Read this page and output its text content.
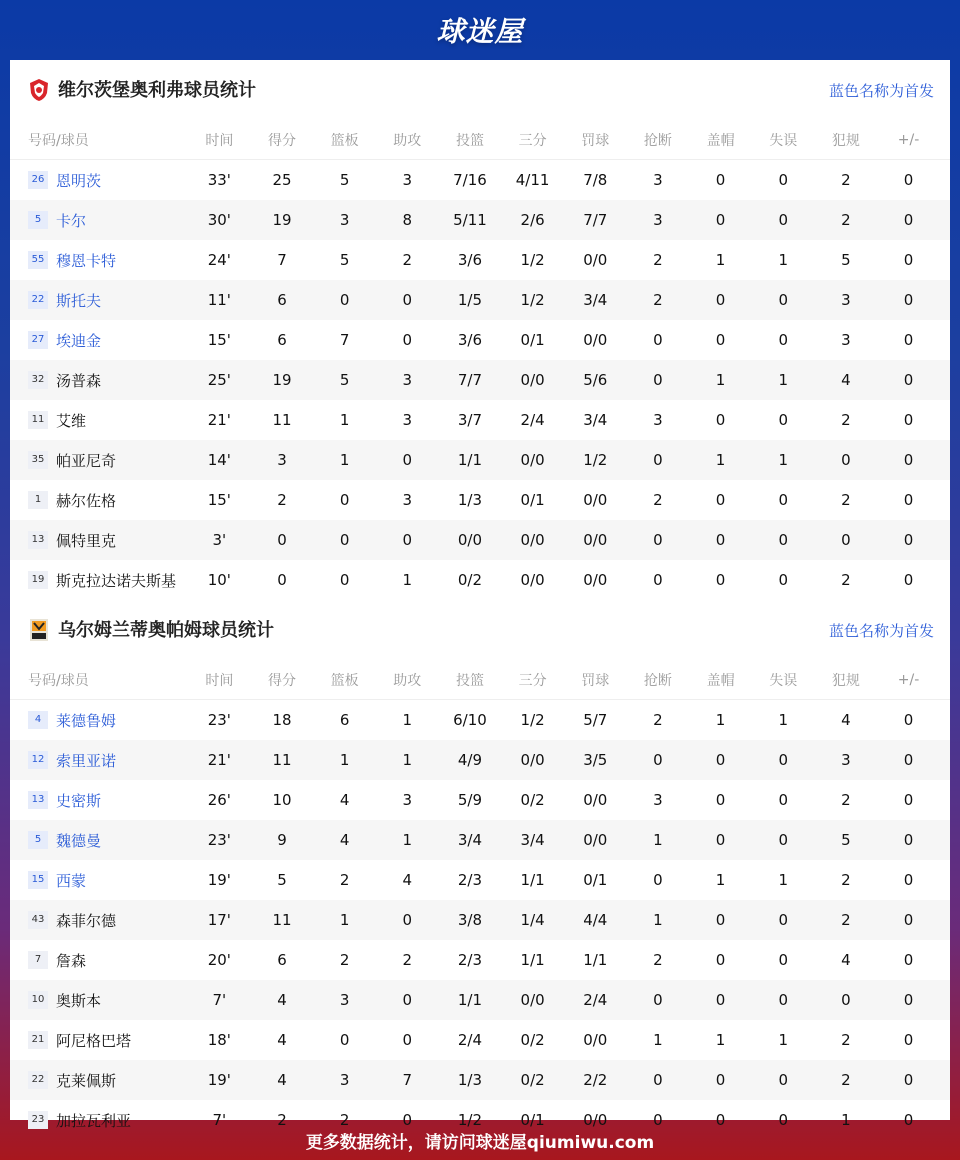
球迷屋
维尔茨堡奥利弗球员统计	蓝色名称为首发
号码/球员	时间	得分	篮板	助攻	投篮	三分	罚球	抢断	盖帽	失误	犯规	+/-
26 恩明茨	33'	25	5	3	7/16	4/11	7/8	3	0	0	2	0
5 卡尔	30'	19	3	8	5/11	2/6	7/7	3	0	0	2	0
55 穆恩卡特	24'	7	5	2	3/6	1/2	0/0	2	1	1	5	0
22 斯托夫	11'	6	0	0	1/5	1/2	3/4	2	0	0	3	0
27 埃迪金	15'	6	7	0	3/6	0/1	0/0	0	0	0	3	0
32 汤普森	25'	19	5	3	7/7	0/0	5/6	0	1	1	4	0
11 艾维	21'	11	1	3	3/7	2/4	3/4	3	0	0	2	0
35 帕亚尼奇	14'	3	1	0	1/1	0/0	1/2	0	1	1	0	0
1 赫尔佐格	15'	2	0	3	1/3	0/1	0/0	2	0	0	2	0
13 佩特里克	3'	0	0	0	0/0	0/0	0/0	0	0	0	0	0
19 斯克拉达诺夫斯基	10'	0	0	1	0/2	0/0	0/0	0	0	0	2	0
乌尔姆兰蒂奥帕姆球员统计	蓝色名称为首发
号码/球员	时间	得分	篮板	助攻	投篮	三分	罚球	抢断	盖帽	失误	犯规	+/-
4 莱德鲁姆	23'	18	6	1	6/10	1/2	5/7	2	1	1	4	0
12 索里亚诺	21'	11	1	1	4/9	0/0	3/5	0	0	0	3	0
13 史密斯	26'	10	4	3	5/9	0/2	0/0	3	0	0	2	0
5 魏德曼	23'	9	4	1	3/4	3/4	0/0	1	0	0	5	0
15 西蒙	19'	5	2	4	2/3	1/1	0/1	0	1	1	2	0
43 森菲尔德	17'	11	1	0	3/8	1/4	4/4	1	0	0	2	0
7 詹森	20'	6	2	2	2/3	1/1	1/1	2	0	0	4	0
10 奥斯本	7'	4	3	0	1/1	0/0	2/4	0	0	0	0	0
21 阿尼格巴塔	18'	4	0	0	2/4	0/2	0/0	1	1	1	2	0
22 克莱佩斯	19'	4	3	7	1/3	0/2	2/2	0	0	0	2	0
23 加拉瓦利亚	7'	2	2	0	1/2	0/1	0/0	0	0	0	1	0
更多数据统计，请访问球迷屋qiumiwu.com
